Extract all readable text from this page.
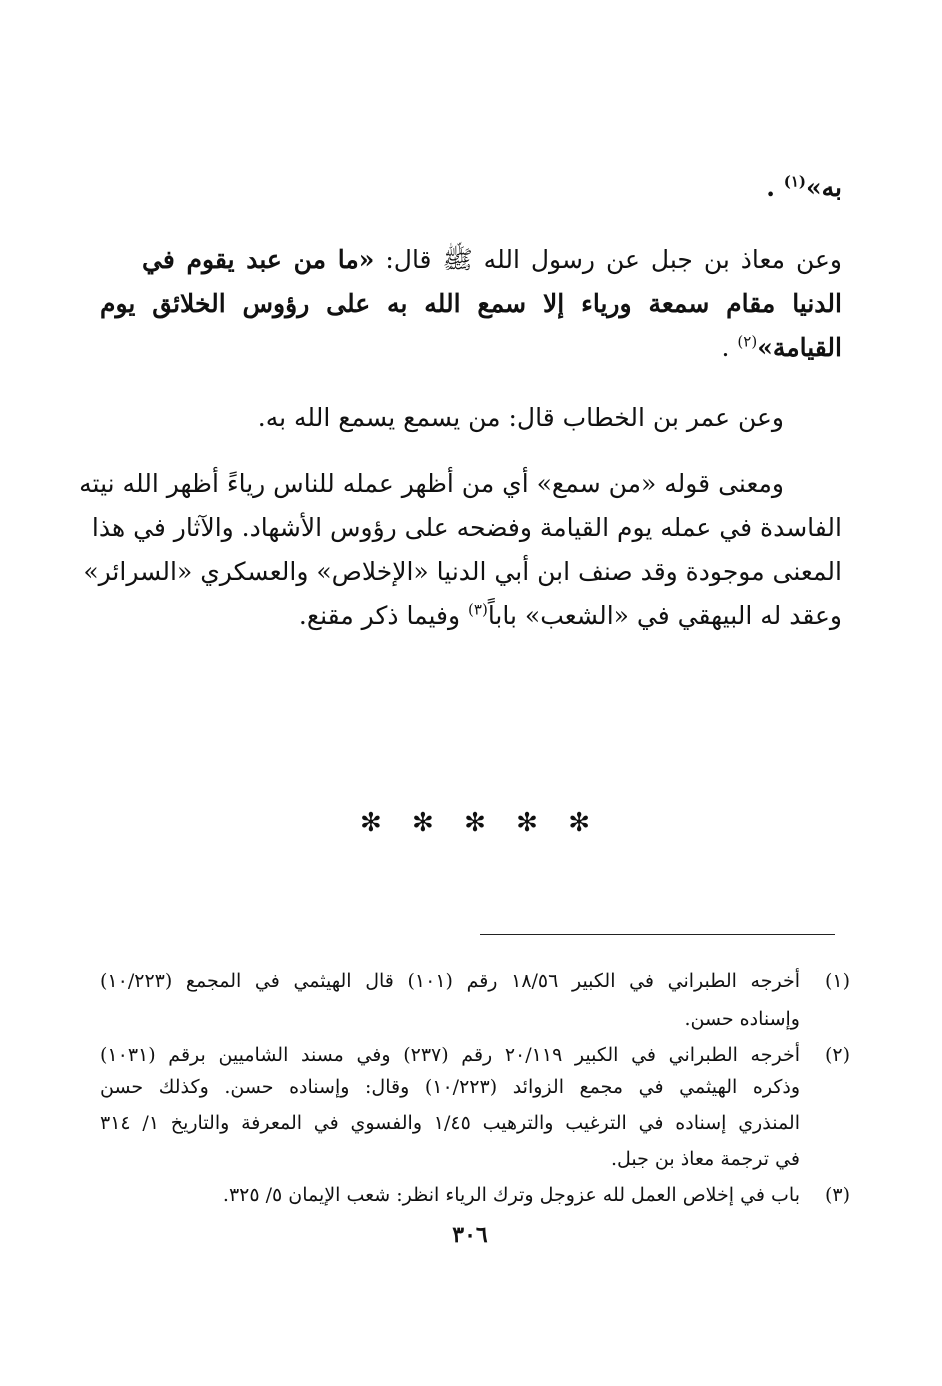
به»$^{(١)}$ .
وعن معاذ بن جبل عن رسول الله ﷺ قال: «ما من عبد يقوم في
الدنيا مقام سمعة ورياء إلا سمع الله به على رؤوس الخلائق يوم
القيامة»$^{(٢)}$ .
وعن عمر بن الخطاب قال: من يسمع يسمع الله به.
ومعنى قوله «من سمع» أي من أظهر عمله للناس رياءً أظهر الله نيته
الفاسدة في عمله يوم القيامة وفضحه على رؤوس الأشهاد. والآثار في هذا
المعنى موجودة وقد صنف ابن أبي الدنيا «الإخلاص» والعسكري «السرائر»
وعقد له البيهقي في «الشعب» باباً$^{(٣)}$ وفيما ذكر مقنع.
✻ ✻ ✻ ✻ ✻
(١)
أخرجه الطبراني في الكبير ١٨/٥٦ رقم (١٠١) قال الهيثمي في المجمع (١٠/٢٢٣)
وإسناده حسن.
(٢)
أخرجه الطبراني في الكبير ٢٠/١١٩ رقم (٢٣٧) وفي مسند الشاميين برقم (١٠٣١)
وذكره الهيثمي في مجمع الزوائد (١٠/٢٢٣) وقال: وإسناده حسن. وكذلك حسن
المنذري إسناده في الترغيب والترهيب ١/٤٥ والفسوي في المعرفة والتاريخ ١/ ٣١٤
في ترجمة معاذ بن جبل.
(٣)
باب في إخلاص العمل لله عزوجل وترك الرياء انظر: شعب الإيمان ٥/ ٣٢٥.
٣٠٦
